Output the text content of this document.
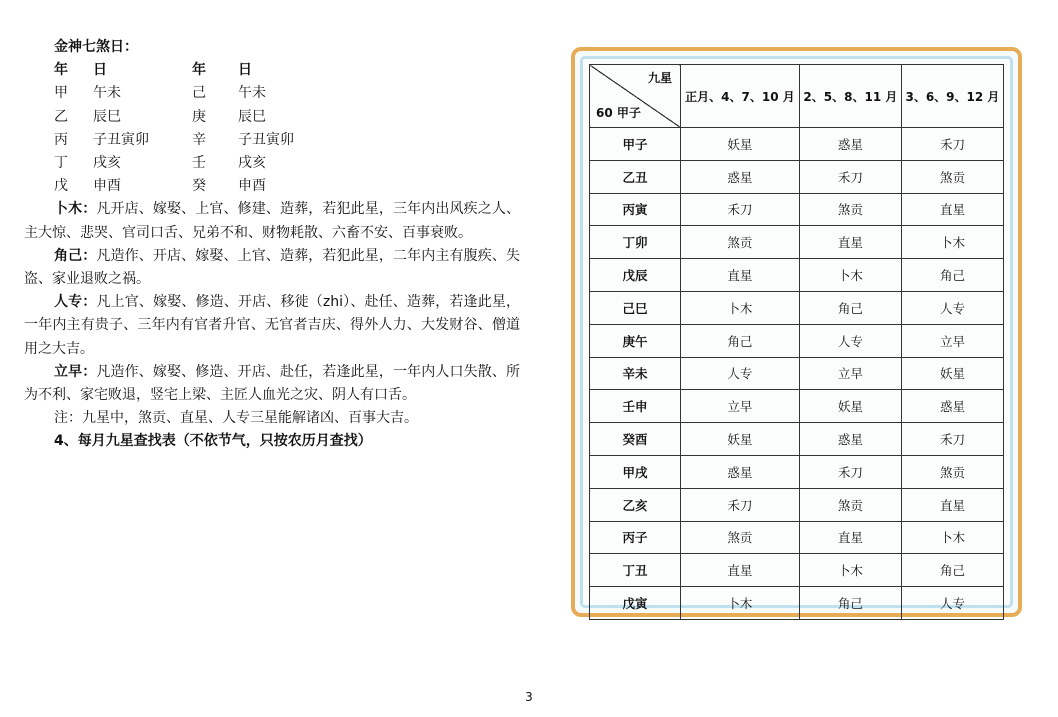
金神七煞日：
年	日	年	日
甲	午未	己	午未
乙	辰巳	庚	辰巳
丙	子丑寅卯	辛	子丑寅卯
丁	戌亥	壬	戌亥
戊	申酉	癸	申酉
卜木：凡开店、嫁娶、上官、修建、造葬，若犯此星，三年内出风疾之人、主大惊、悲哭、官司口舌、兄弟不和、财物耗散、六畜不安、百事衰败。
角己：凡造作、开店、嫁娶、上官、造葬，若犯此星，二年内主有腹疾、失盗、家业退败之祸。
人专：凡上官、嫁娶、修造、开店、移徙（zhi）、赴任、造葬，若逢此星，一年内主有贵子、三年内有官者升官、无官者吉庆、得外人力、大发财谷、僧道用之大吉。
立早：凡造作、嫁娶、修造、开店、赴任，若逢此星，一年内人口失散、所为不利、家宅败退，竖宅上梁、主匠人血光之灾、阴人有口舌。
注：九星中，煞贡、直星、人专三星能解诸凶、百事大吉。
4、每月九星查找表（不依节气，只按农历月查找）
九星
60 甲子	正月、4、7、10 月	2、5、8、11 月	3、6、9、12 月
甲子	妖星	惑星	禾刀
乙丑	惑星	禾刀	煞贡
丙寅	禾刀	煞贡	直星
丁卯	煞贡	直星	卜木
戊辰	直星	卜木	角己
己巳	卜木	角己	人专
庚午	角己	人专	立早
辛未	人专	立早	妖星
壬申	立早	妖星	惑星
癸酉	妖星	惑星	禾刀
甲戌	惑星	禾刀	煞贡
乙亥	禾刀	煞贡	直星
丙子	煞贡	直星	卜木
丁丑	直星	卜木	角己
戊寅	卜木	角己	人专
3
